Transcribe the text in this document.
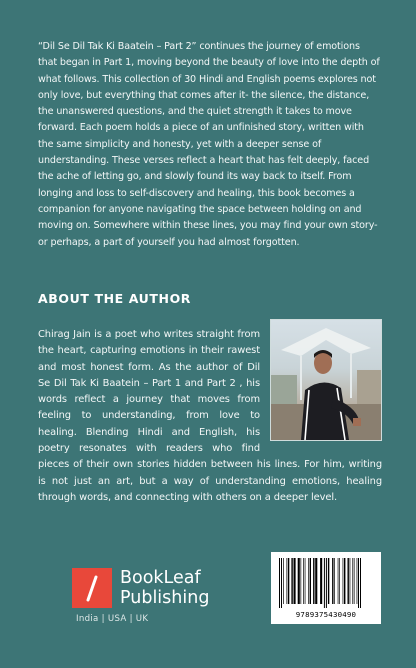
“Dil Se Dil Tak Ki Baatein – Part 2” continues the journey of emotions that began in Part 1, moving beyond the beauty of love into the depth of what follows. This collection of 30 Hindi and English poems explores not only love, but everything that comes after it- the silence, the distance, the unanswered questions, and the quiet strength it takes to move forward. Each poem holds a piece of an unfinished story, written with the same simplicity and honesty, yet with a deeper sense of understanding. These verses reflect a heart that has felt deeply, faced the ache of letting go, and slowly found its way back to itself. From longing and loss to self-discovery and healing, this book becomes a companion for anyone navigating the space between holding on and moving on. Somewhere within these lines, you may find your own story- or perhaps, a part of yourself you had almost forgotten.

ABOUT THE AUTHOR
Chirag Jain is a poet who writes straight from the heart, capturing emotions in their rawest and most honest form. As the author of Dil Se Dil Tak Ki Baatein – Part 1 and Part 2 , his words reflect a journey that moves from feeling to understanding, from love to healing. Blending Hindi and English, his poetry resonates with readers who find pieces of their own stories hidden between his lines. For him, writing is not just an art, but a way of understanding emotions, healing through words, and connecting with others on a deeper level.
BookLeaf
Publishing
India | USA | UK	9789375430490
